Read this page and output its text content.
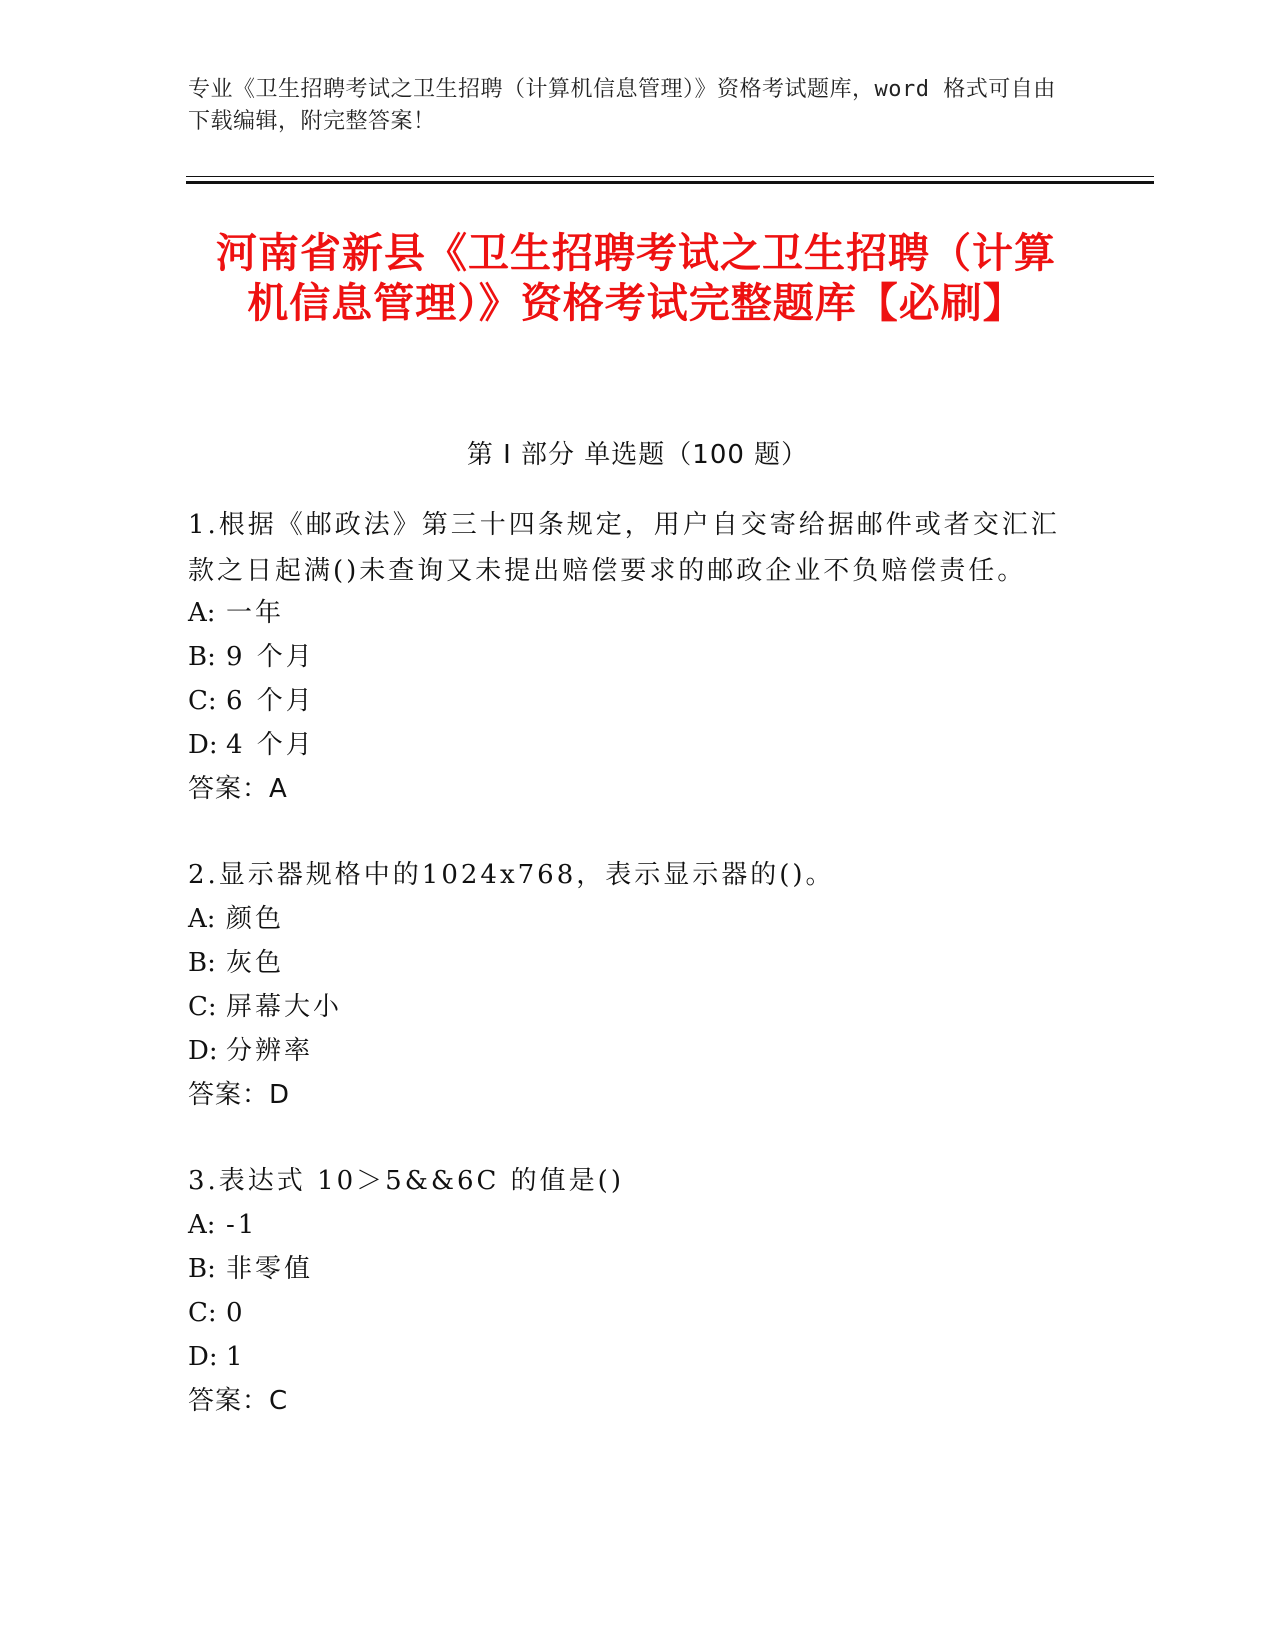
专业《卫生招聘考试之卫生招聘（计算机信息管理）》资格考试题库，word 格式可自由下载编辑，附完整答案！
河南省新县《卫生招聘考试之卫生招聘（计算机信息管理）》资格考试完整题库【必刷】
第 I 部分 单选题（100 题）
1.根据《邮政法》第三十四条规定，用户自交寄给据邮件或者交汇汇款之日起满()未查询又未提出赔偿要求的邮政企业不负赔偿责任。
A: 一年
B: 9 个月
C: 6 个月
D: 4 个月
答案：A
2.显示器规格中的1024x768，表示显示器的()。
A: 颜色
B: 灰色
C: 屏幕大小
D: 分辨率
答案：D
3.表达式 10＞5&&6C 的值是()
A: -1
B: 非零值
C: 0
D: 1
答案：C
